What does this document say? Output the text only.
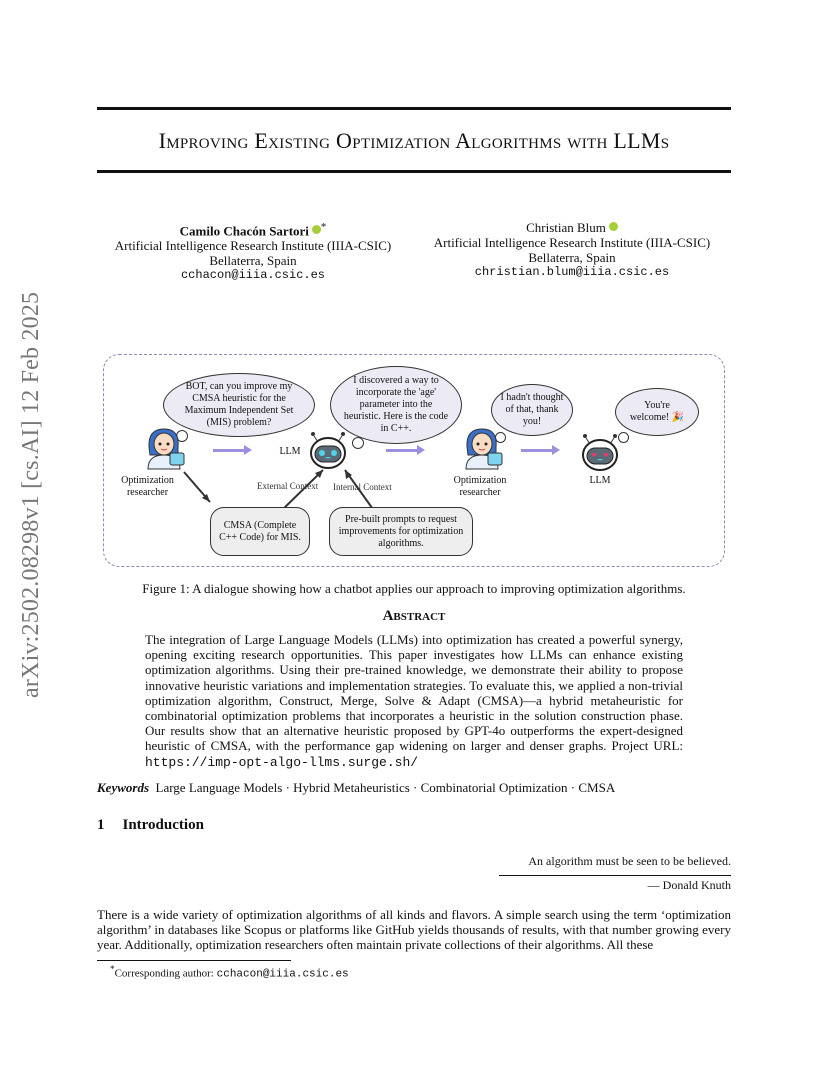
arXiv:2502.08298v1 [cs.AI] 12 Feb 2025
Improving Existing Optimization Algorithms with LLMs
Camilo Chacón Sartori *
Artificial Intelligence Research Institute (IIIA-CSIC)
Bellaterra, Spain
cchacon@iiia.csic.es
Christian Blum
Artificial Intelligence Research Institute (IIIA-CSIC)
Bellaterra, Spain
christian.blum@iiia.csic.es
BOT, can you improve my CMSA heuristic for the Maximum Independent Set (MIS) problem?
I discovered a way to incorporate the 'age' parameter into the heuristic. Here is the code in C++.
I hadn't thought of that, thank you!
You're welcome! 🎉
Optimization researcher
LLM
Optimization researcher
LLM
External Context Internal Context
CMSA (Complete C++ Code) for MIS.
Pre-built prompts to request improvements for optimization algorithms.
Figure 1: A dialogue showing how a chatbot applies our approach to improving optimization algorithms.
Abstract
The integration of Large Language Models (LLMs) into optimization has created a powerful synergy, opening exciting research opportunities. This paper investigates how LLMs can enhance existing optimization algorithms. Using their pre-trained knowledge, we demonstrate their ability to propose innovative heuristic variations and implementation strategies. To evaluate this, we applied a non-trivial optimization algorithm, Construct, Merge, Solve & Adapt (CMSA)—a hybrid metaheuristic for combinatorial optimization problems that incorporates a heuristic in the solution construction phase. Our results show that an alternative heuristic proposed by GPT-4o outperforms the expert-designed heuristic of CMSA, with the performance gap widening on larger and denser graphs. Project URL: https://imp-opt-algo-llms.surge.sh/
Keywords Large Language Models · Hybrid Metaheuristics · Combinatorial Optimization · CMSA
1 Introduction
An algorithm must be seen to be believed.
— Donald Knuth
There is a wide variety of optimization algorithms of all kinds and flavors. A simple search using the term ‘optimization algorithm’ in databases like Scopus or platforms like GitHub yields thousands of results, with that number growing every year. Additionally, optimization researchers often maintain private collections of their algorithms. All these
*Corresponding author: cchacon@iiia.csic.es
